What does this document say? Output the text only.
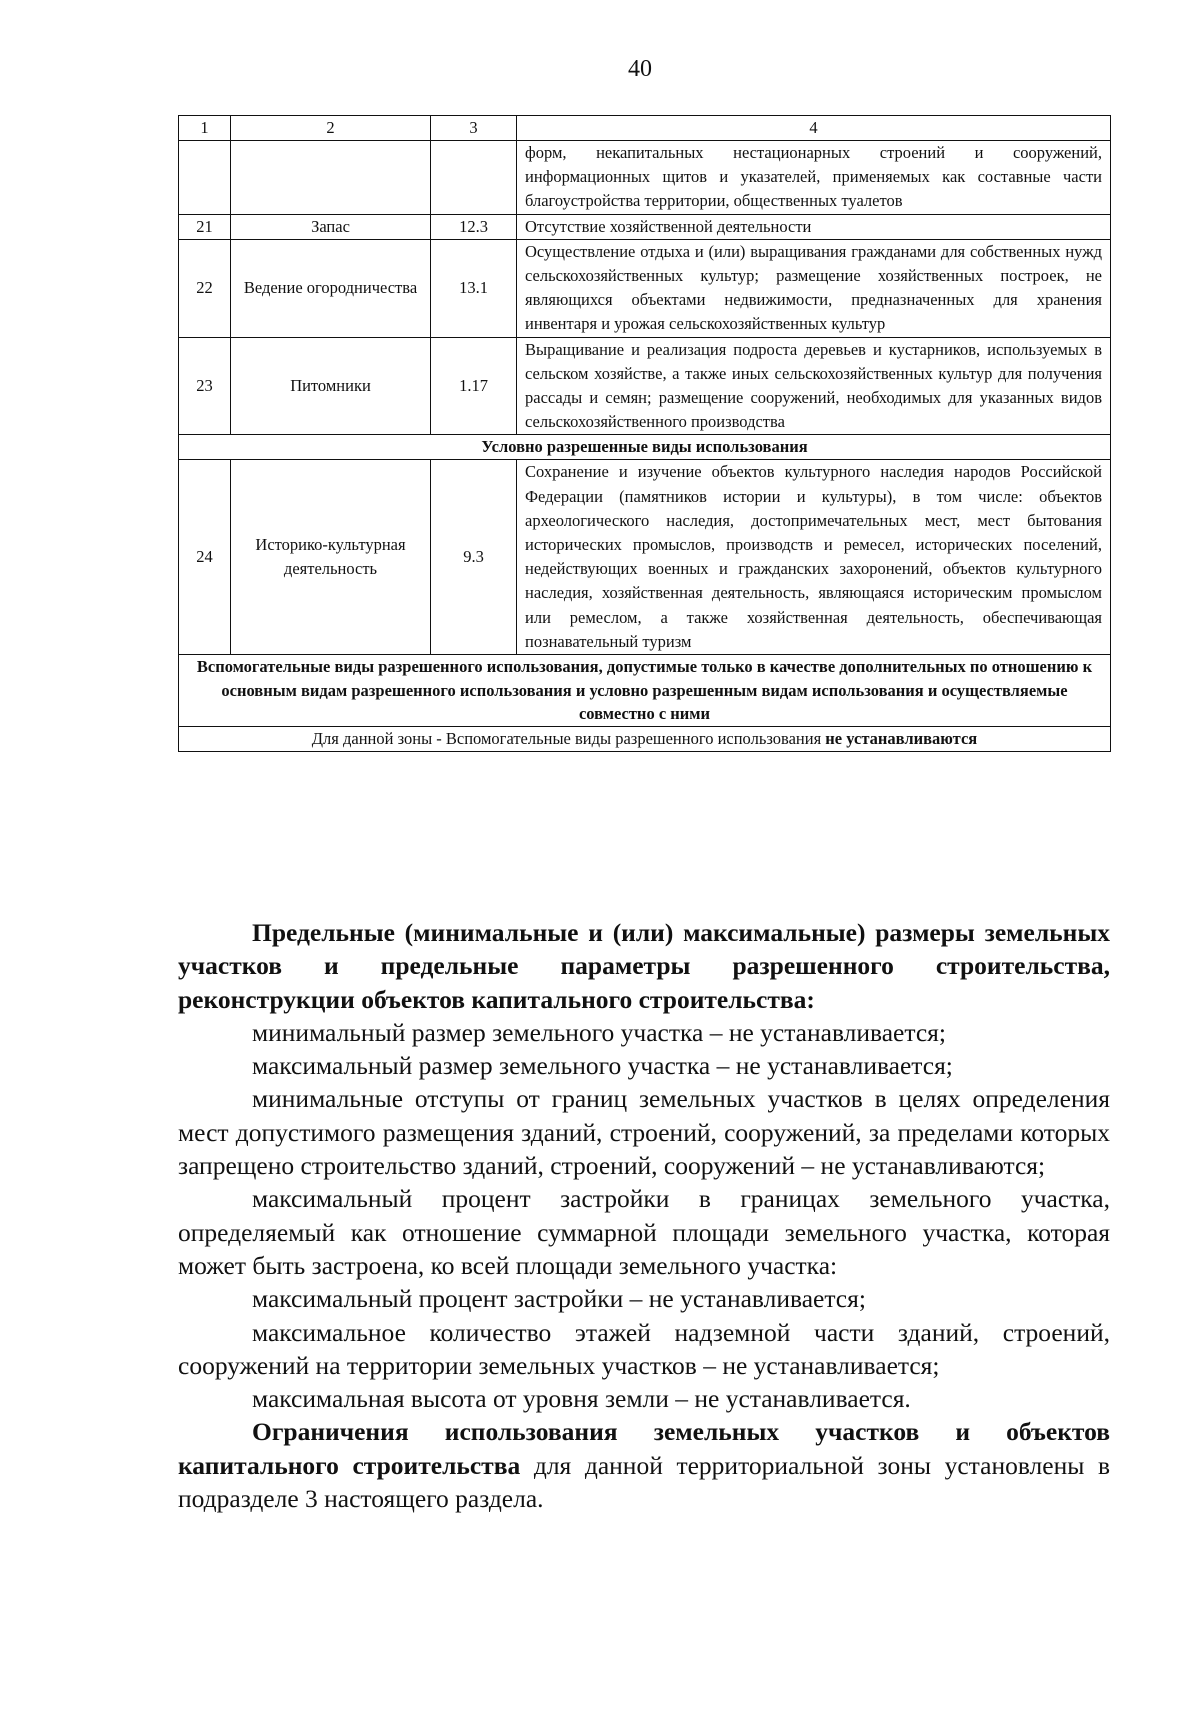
40
1	2	3	4
			форм, некапитальных нестационарных строений и сооружений, информационных щитов и указателей, применяемых как составные части благоустройства территории, общественных туалетов
21	Запас	12.3	Отсутствие хозяйственной деятельности
22	Ведение огородничества	13.1	Осуществление отдыха и (или) выращивания гражданами для собственных нужд сельскохозяйственных культур; размещение хозяйственных построек, не являющихся объектами недвижимости, предназначенных для хранения инвентаря и урожая сельскохозяйственных культур
23	Питомники	1.17	Выращивание и реализация подроста деревьев и кустарников, используемых в сельском хозяйстве, а также иных сельскохозяйственных культур для получения рассады и семян; размещение сооружений, необходимых для указанных видов сельскохозяйственного производства
Условно разрешенные виды использования			
24	Историко-культурная деятельность	9.3	Сохранение и изучение объектов культурного наследия народов Российской Федерации (памятников истории и культуры), в том числе: объектов археологического наследия, достопримечательных мест, мест бытования исторических промыслов, производств и ремесел, исторических поселений, недействующих военных и гражданских захоронений, объектов культурного наследия, хозяйственная деятельность, являющаяся историческим промыслом или ремеслом, а также хозяйственная деятельность, обеспечивающая познавательный туризм
Вспомогательные виды разрешенного использования, допустимые только в качестве дополнительных по отношению к основным видам разрешенного использования и условно разрешенным видам использования и осуществляемые совместно с ними			
Для данной зоны - Вспомогательные виды разрешенного использования не устанавливаются			

Предельные (минимальные и (или) максимальные) размеры земельных участков и предельные параметры разрешенного строительства, реконструкции объектов капитального строительства:

минимальный размер земельного участка – не устанавливается;

максимальный размер земельного участка – не устанавливается;

минимальные отступы от границ земельных участков в целях определения мест допустимого размещения зданий, строений, сооружений, за пределами которых запрещено строительство зданий, строений, сооружений – не устанавливаются;

максимальный процент застройки в границах земельного участка, определяемый как отношение суммарной площади земельного участка, которая может быть застроена, ко всей площади земельного участка:

максимальный процент застройки – не устанавливается;

максимальное количество этажей надземной части зданий, строений, сооружений на территории земельных участков – не устанавливается;

максимальная высота от уровня земли – не устанавливается.

Ограничения использования земельных участков и объектов капитального строительства для данной территориальной зоны установлены в подразделе 3 настоящего раздела.
